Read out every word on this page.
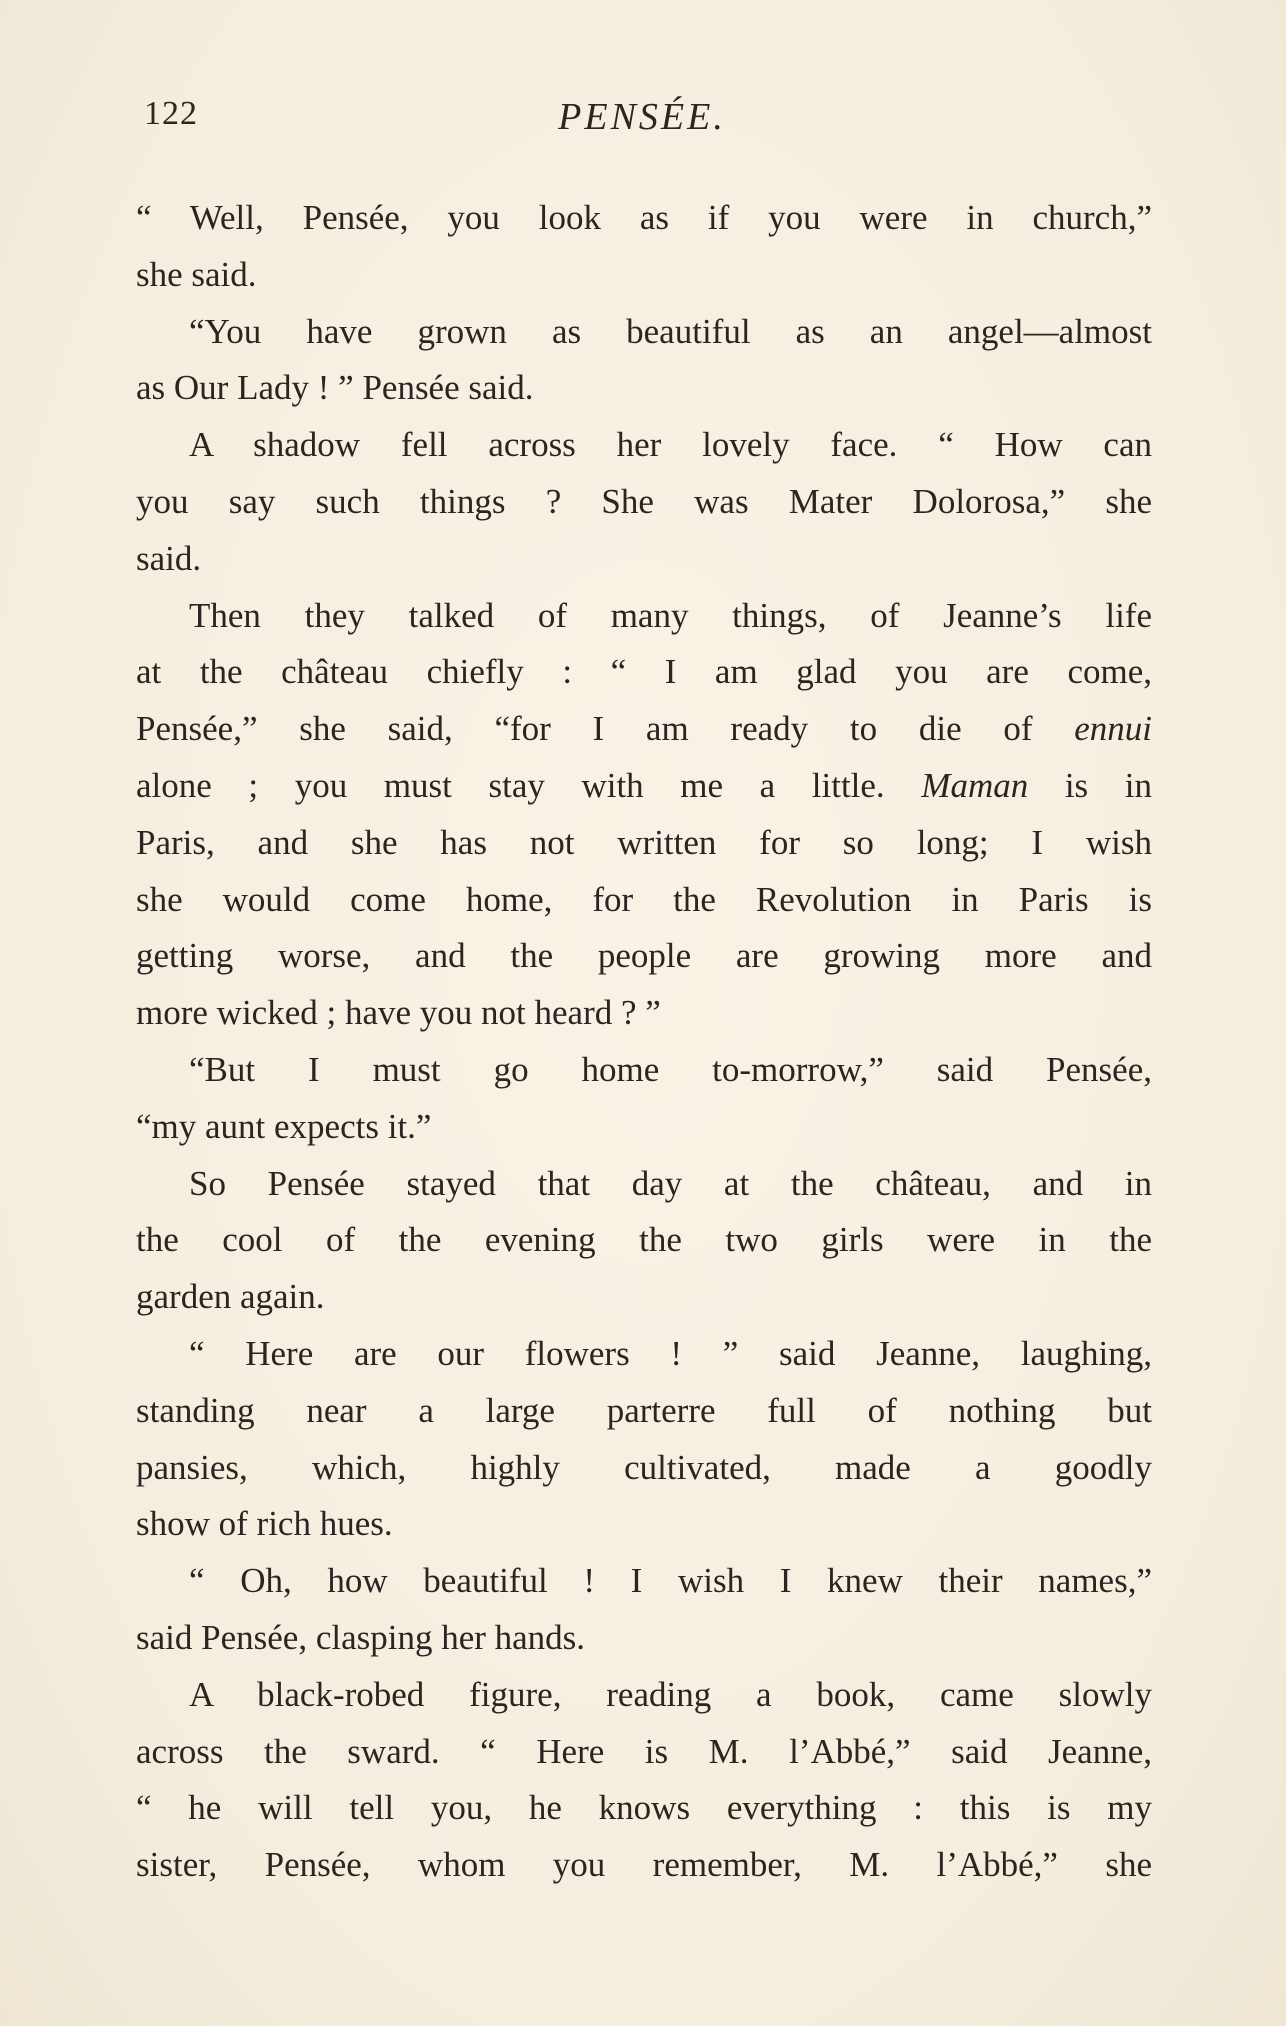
122	PENSÉE.
“ Well, Pensée, you look as if you were in church,”
she said.
“You have grown as beautiful as an angel—almost
as Our Lady ! ” Pensée said.
A shadow fell across her lovely face. “ How can
you say such things ? She was Mater Dolorosa,” she
said.
Then they talked of many things, of Jeanne’s life
at the château chiefly : “ I am glad you are come,
Pensée,” she said, “for I am ready to die of ennui
alone ; you must stay with me a little. Maman is in
Paris, and she has not written for so long; I wish
she would come home, for the Revolution in Paris is
getting worse, and the people are growing more and
more wicked ; have you not heard ? ”
“But I must go home to-morrow,” said Pensée,
“my aunt expects it.”
So Pensée stayed that day at the château, and in
the cool of the evening the two girls were in the
garden again.
“ Here are our flowers ! ” said Jeanne, laughing,
standing near a large parterre full of nothing but
pansies, which, highly cultivated, made a goodly
show of rich hues.
“ Oh, how beautiful ! I wish I knew their names,”
said Pensée, clasping her hands.
A black-robed figure, reading a book, came slowly
across the sward. “ Here is M. l’Abbé,” said Jeanne,
“ he will tell you, he knows everything : this is my
sister, Pensée, whom you remember, M. l’Abbé,” she
